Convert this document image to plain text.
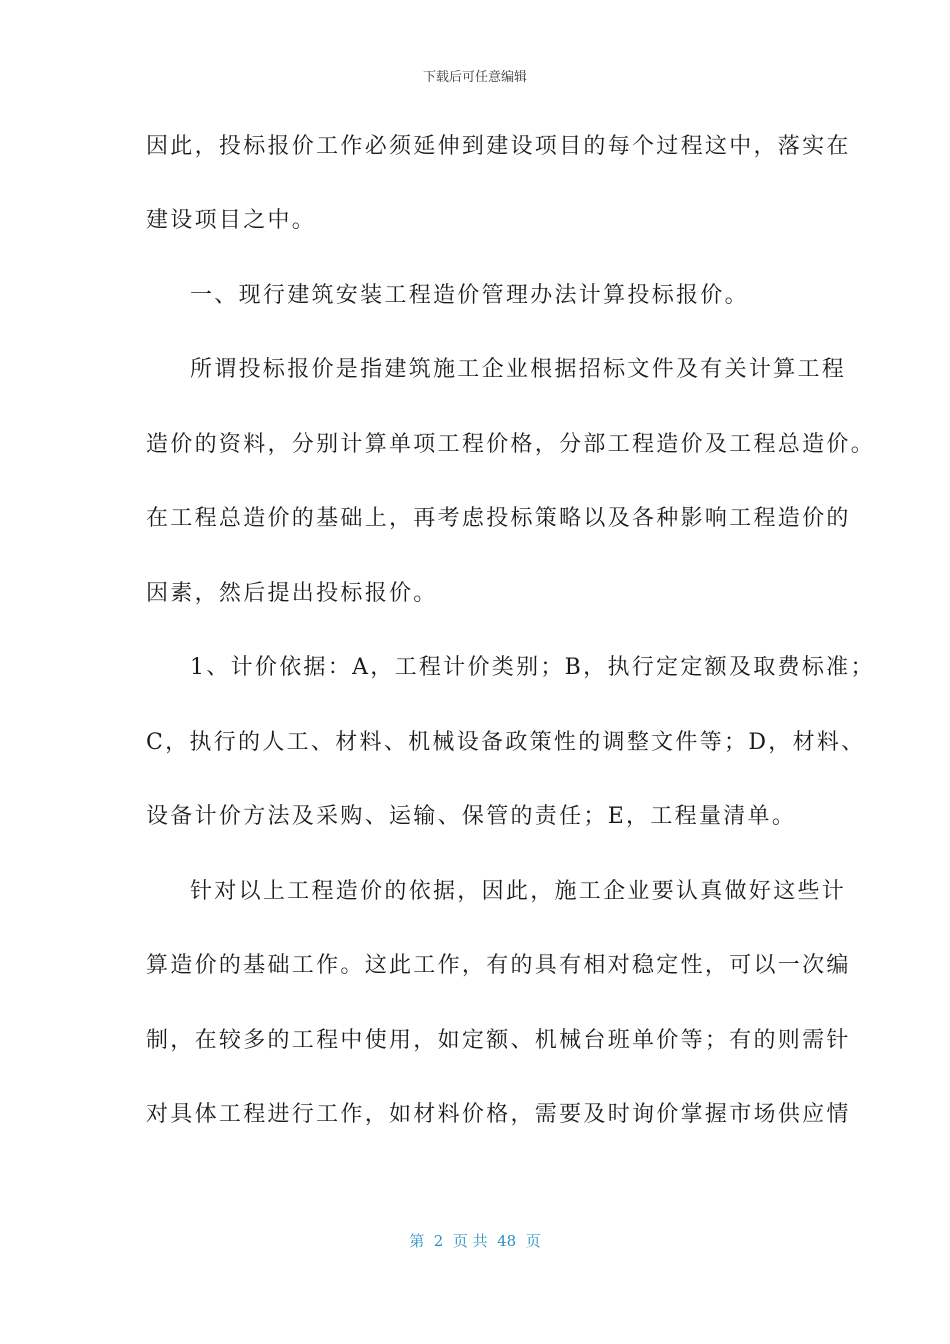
下载后可任意编辑
因此，投标报价工作必须延伸到建设项目的每个过程这中，落实在
建设项目之中。
一、现行建筑安装工程造价管理办法计算投标报价。
所谓投标报价是指建筑施工企业根据招标文件及有关计算工程
造价的资料，分别计算单项工程价格，分部工程造价及工程总造价。
在工程总造价的基础上，再考虑投标策略以及各种影响工程造价的
因素，然后提出投标报价。
1、计价依据：A，工程计价类别；B，执行定定额及取费标准；
C，执行的人工、材料、机械设备政策性的调整文件等；D，材料、
设备计价方法及采购、运输、保管的责任；E，工程量清单。
针对以上工程造价的依据，因此，施工企业要认真做好这些计
算造价的基础工作。这此工作，有的具有相对稳定性，可以一次编
制，在较多的工程中使用，如定额、机械台班单价等；有的则需针
对具体工程进行工作，如材料价格，需要及时询价掌握市场供应情
第  2  页 共  48  页
